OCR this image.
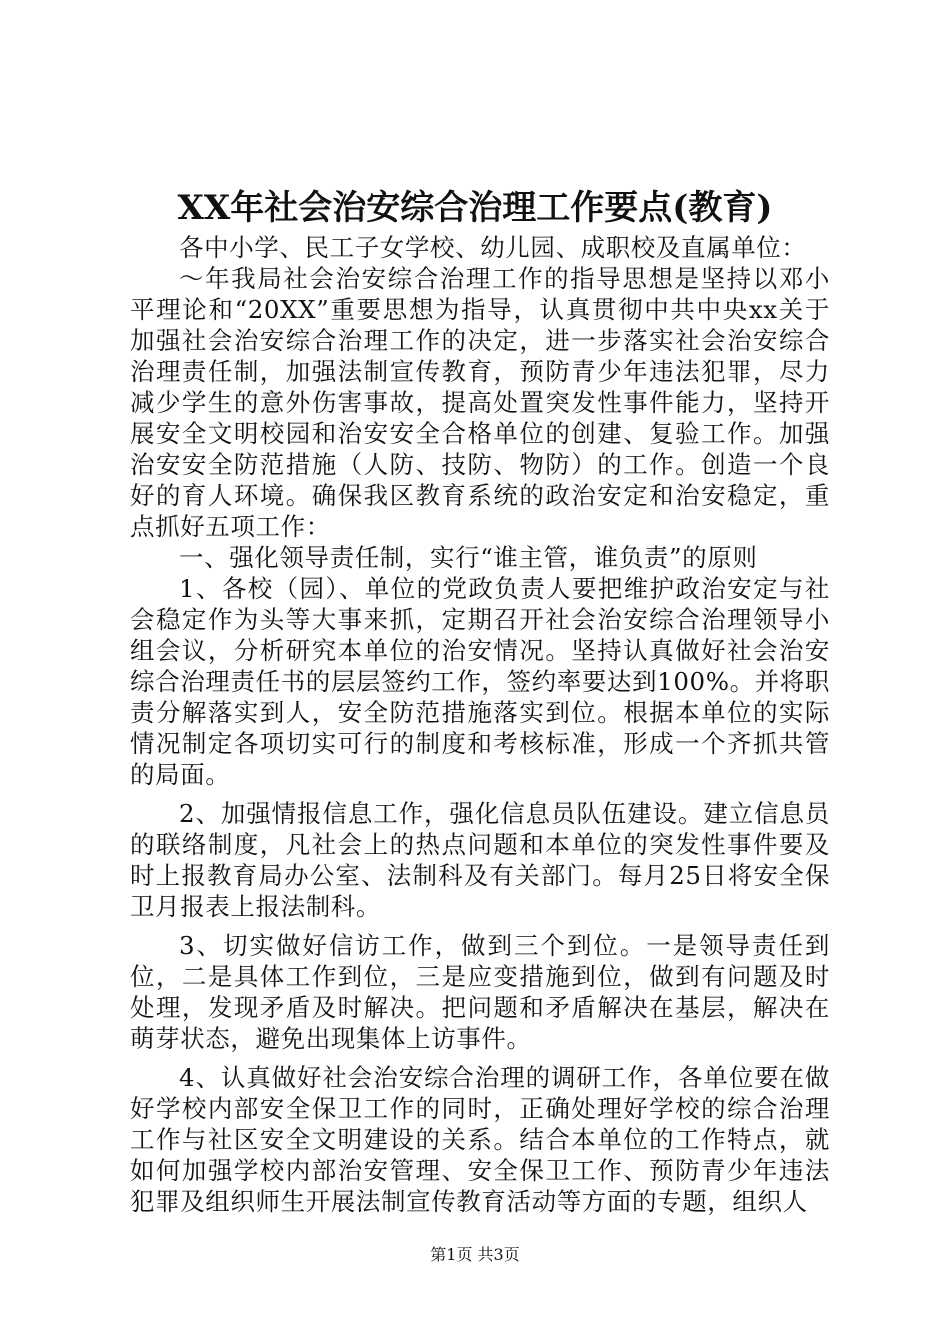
XX年社会治安综合治理工作要点(教育)

各中小学、民工子女学校、幼儿园、成职校及直属单位：

～年我局社会治安综合治理工作的指导思想是坚持以邓小平理论和“20XX”重要思想为指导，认真贯彻中共中央xx关于加强社会治安综合治理工作的决定，进一步落实社会治安综合治理责任制，加强法制宣传教育，预防青少年违法犯罪，尽力减少学生的意外伤害事故，提高处置突发性事件能力，坚持开展安全文明校园和治安安全合格单位的创建、复验工作。加强治安安全防范措施（人防、技防、物防）的工作。创造一个良好的育人环境。确保我区教育系统的政治安定和治安稳定，重点抓好五项工作：

一、强化领导责任制，实行“谁主管，谁负责”的原则

1、各校（园）、单位的党政负责人要把维护政治安定与社会稳定作为头等大事来抓，定期召开社会治安综合治理领导小组会议，分析研究本单位的治安情况。坚持认真做好社会治安综合治理责任书的层层签约工作，签约率要达到100%。并将职责分解落实到人，安全防范措施落实到位。根据本单位的实际情况制定各项切实可行的制度和考核标准，形成一个齐抓共管的局面。

2、加强情报信息工作，强化信息员队伍建设。建立信息员的联络制度，凡社会上的热点问题和本单位的突发性事件要及时上报教育局办公室、法制科及有关部门。每月25日将安全保卫月报表上报法制科。

3、切实做好信访工作，做到三个到位。一是领导责任到位，二是具体工作到位，三是应变措施到位，做到有问题及时处理，发现矛盾及时解决。把问题和矛盾解决在基层，解决在萌芽状态，避免出现集体上访事件。

4、认真做好社会治安综合治理的调研工作，各单位要在做好学校内部安全保卫工作的同时，正确处理好学校的综合治理工作与社区安全文明建设的关系。结合本单位的工作特点，就如何加强学校内部治安管理、安全保卫工作、预防青少年违法犯罪及组织师生开展法制宣传教育活动等方面的专题，组织人

第1页 共3页
